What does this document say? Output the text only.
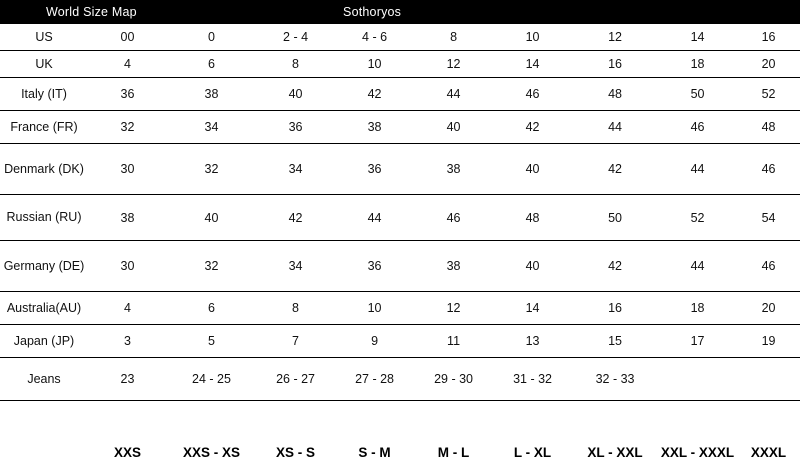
World Size Map				Sothoryos					
US	00	0	2 - 4	4 - 6	8	10	12	14	16
UK	4	6	8	10	12	14	16	18	20
Italy (IT)	36	38	40	42	44	46	48	50	52
France (FR)	32	34	36	38	40	42	44	46	48
Denmark (DK)	30	32	34	36	38	40	42	44	46
Russian (RU)	38	40	42	44	46	48	50	52	54
Germany (DE)	30	32	34	36	38	40	42	44	46
Australia(AU)	4	6	8	10	12	14	16	18	20
Japan (JP)	3	5	7	9	11	13	15	17	19
Jeans	23	24 - 25	26 - 27	27 - 28	29 - 30	31 - 32	32 - 33		

	XXS	XXS - XS	XS - S	S - M	M - L	L - XL	XL - XXL	XXL - XXXL	XXXL
